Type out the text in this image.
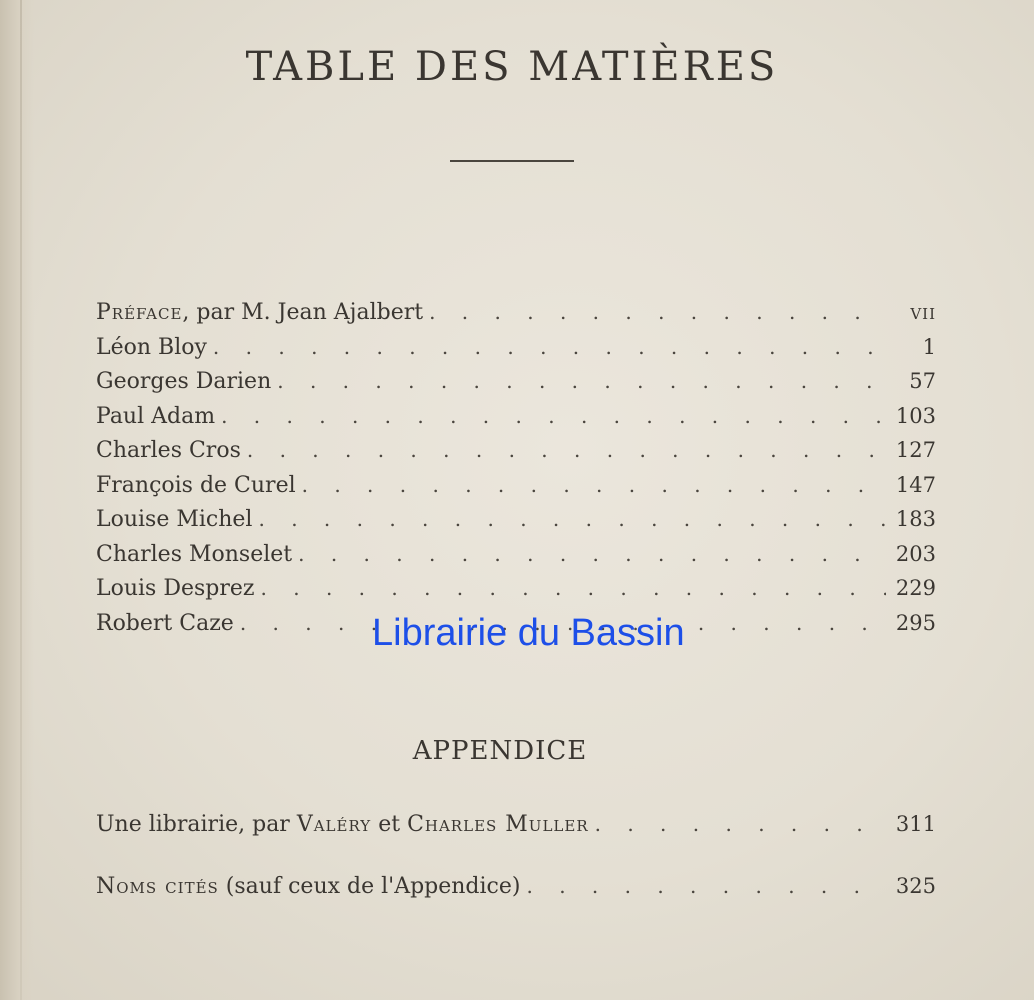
TABLE DES MATIÈRES
Préface, par M. Jean Ajalbert . . .	vii
Léon Bloy . . .	1
Georges Darien . . .	57
Paul Adam . . .	103
Charles Cros . . .	127
François de Curel . . .	147
Louise Michel . . .	183
Charles Monselet . . .	203
Louis Desprez . . .	229
Robert Caze . . .	295
APPENDICE
Une librairie, par Valéry et Charles Muller . . .	311
Noms cités (sauf ceux de l'Appendice) . . .	325
Librairie du Bassin
